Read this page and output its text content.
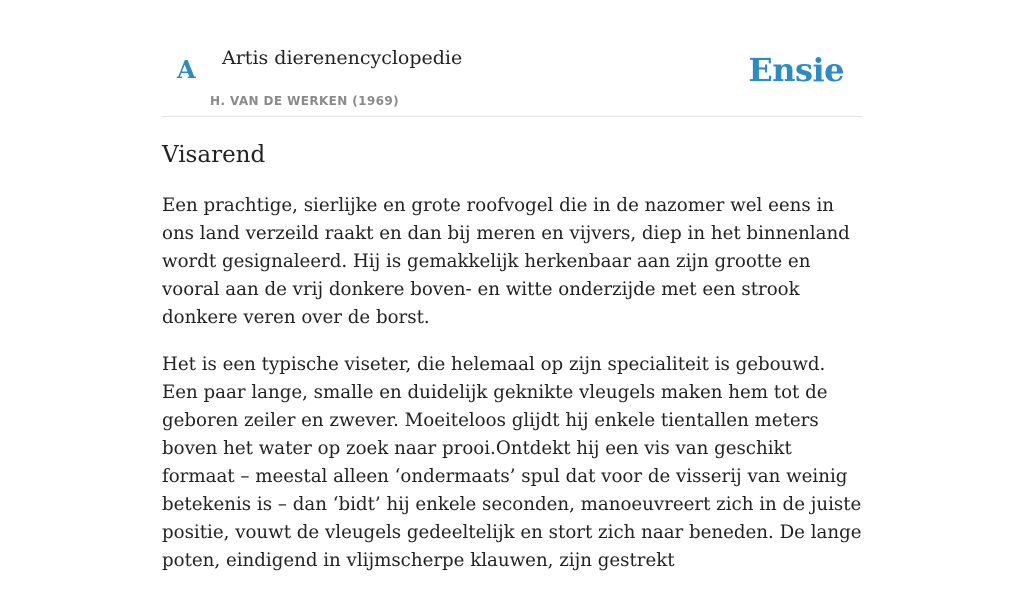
A Artis dierenencyclopedie
H. VAN DE WERKEN (1969)
Ensie
Visarend

Een prachtige, sierlijke en grote roofvogel die in de nazomer wel eens in ons land verzeild raakt en dan bij meren en vijvers, diep in het binnenland wordt gesignaleerd. Hij is gemakkelijk herkenbaar aan zijn grootte en vooral aan de vrij donkere boven- en witte onderzijde met een strook donkere veren over de borst.

Het is een typische viseter, die helemaal op zijn specialiteit is gebouwd. Een paar lange, smalle en duidelijk geknikte vleugels maken hem tot de geboren zeiler en zwever. Moeiteloos glijdt hij enkele tientallen meters boven het water op zoek naar prooi.Ontdekt hij een vis van geschikt formaat – meestal alleen ‘ondermaats’ spul dat voor de visserij van weinig betekenis is – dan ‘bidt’ hij enkele seconden, manoeuvreert zich in de juiste positie, vouwt de vleugels gedeeltelijk en stort zich naar beneden. De lange poten, eindigend in vlijmscherpe klauwen, zijn gestrekt
